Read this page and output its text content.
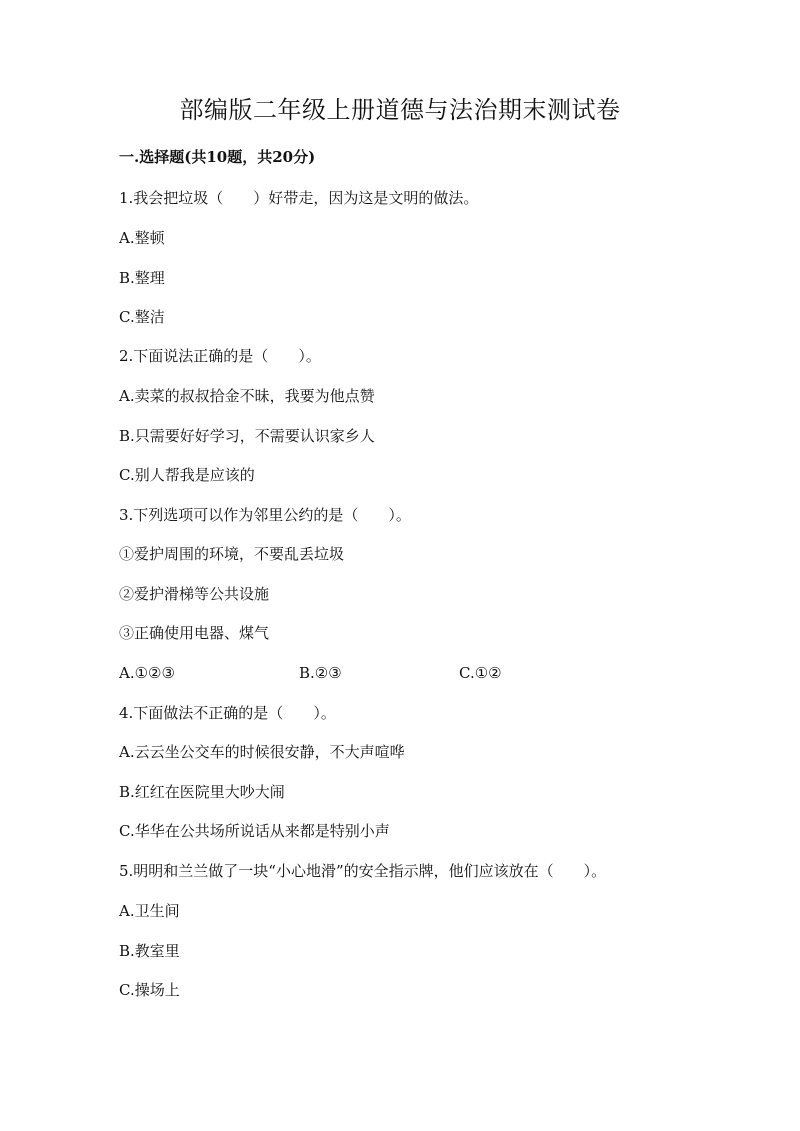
部编版二年级上册道德与法治期末测试卷
一.选择题(共10题，共20分)
1.我会把垃圾（　　）好带走，因为这是文明的做法。
A.整顿
B.整理
C.整洁
2.下面说法正确的是（　　）。
A.卖菜的叔叔拾金不昧，我要为他点赞
B.只需要好好学习，不需要认识家乡人
C.别人帮我是应该的
3.下列选项可以作为邻里公约的是（　　）。
①爱护周围的环境，不要乱丢垃圾
②爱护滑梯等公共设施
③正确使用电器、煤气
A.①②③	B.②③	C.①②
4.下面做法不正确的是（　　）。
A.云云坐公交车的时候很安静，不大声喧哗
B.红红在医院里大吵大闹
C.华华在公共场所说话从来都是特别小声
5.明明和兰兰做了一块“小心地滑”的安全指示牌，他们应该放在（　　）。
A.卫生间
B.教室里
C.操场上
